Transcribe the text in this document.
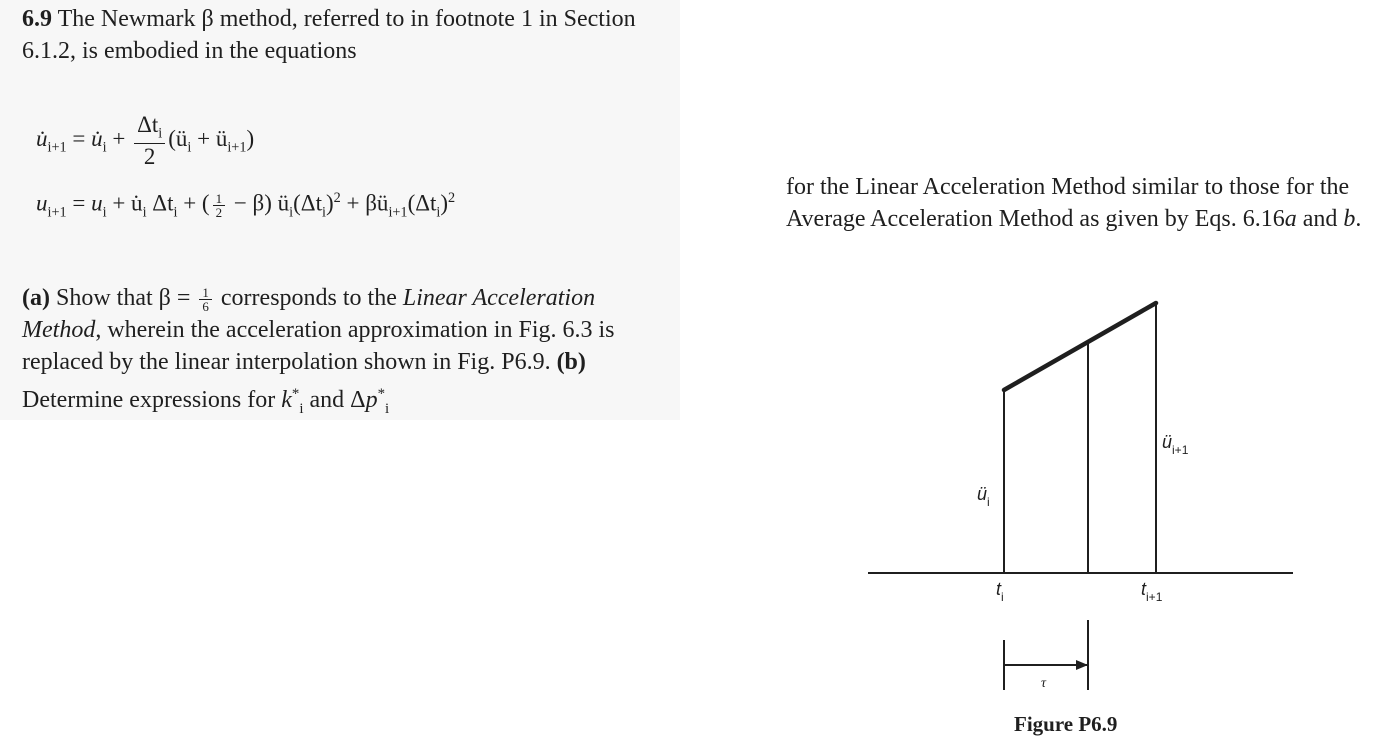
6.9 The Newmark β method, referred to in footnote 1 in Section 6.1.2, is embodied in the equations

$u̇_{i+1}$ = $u̇_i + \frac{\Delta t_i}{2}$ ($ü_i$ + $ü_{i+1}$)
$u_{i+1} = u_i$ + $u̇_i$ $\Delta t_i$ + ( $\frac{1}{2} - \beta$) $ü_i(\Delta t_i)^2$ + $\beta ü_{i+1}(\Delta t_i)^2$

(a) Show that $\beta = \frac{1}{6}$ corresponds to the Linear Acceleration Method, wherein the acceleration approximation in Fig. 6.3 is replaced by the linear interpolation shown in Fig. P6.9. (b) Determine expressions for $k^*_i$ and $\Delta p^*_i$

for the Linear Acceleration Method similar to those for the Average Acceleration Method as given by Eqs. 6.16a and b.

$ü_i$
$ü_{i+1}$
$t_i$	$t_{i+1}$
τ
Figure P6.9
